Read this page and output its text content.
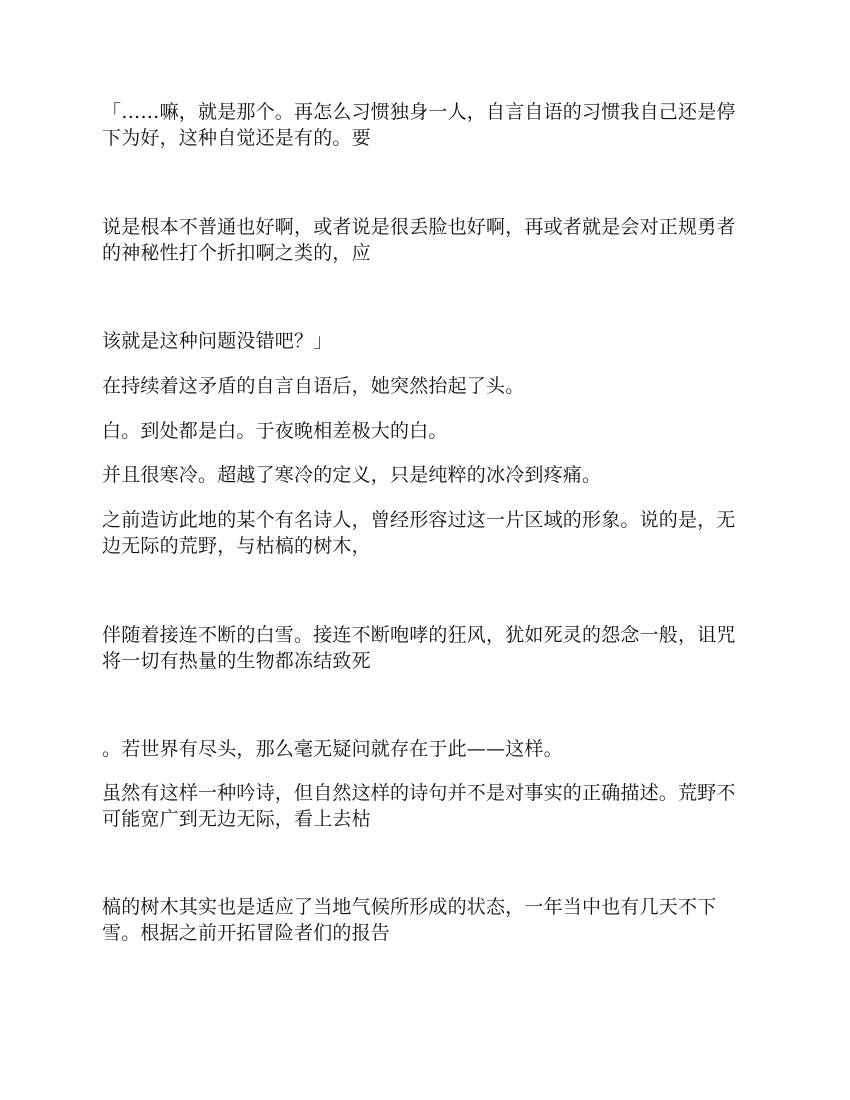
「……嘛，就是那个。再怎么习惯独身一人，自言自语的习惯我自己还是停下为好，这种自觉还是有的。要

说是根本不普通也好啊，或者说是很丢脸也好啊，再或者就是会对正规勇者的神秘性打个折扣啊之类的，应

该就是这种问题没错吧？」

在持续着这矛盾的自言自语后，她突然抬起了头。

白。到处都是白。于夜晚相差极大的白。

并且很寒冷。超越了寒冷的定义，只是纯粹的冰冷到疼痛。

之前造访此地的某个有名诗人，曾经形容过这一片区域的形象。说的是，无边无际的荒野，与枯槁的树木，

伴随着接连不断的白雪。接连不断咆哮的狂风，犹如死灵的怨念一般，诅咒将一切有热量的生物都冻结致死

。若世界有尽头，那么毫无疑问就存在于此——这样。

虽然有这样一种吟诗，但自然这样的诗句并不是对事实的正确描述。荒野不可能宽广到无边无际，看上去枯

槁的树木其实也是适应了当地气候所形成的状态，一年当中也有几天不下雪。根据之前开拓冒险者们的报告
